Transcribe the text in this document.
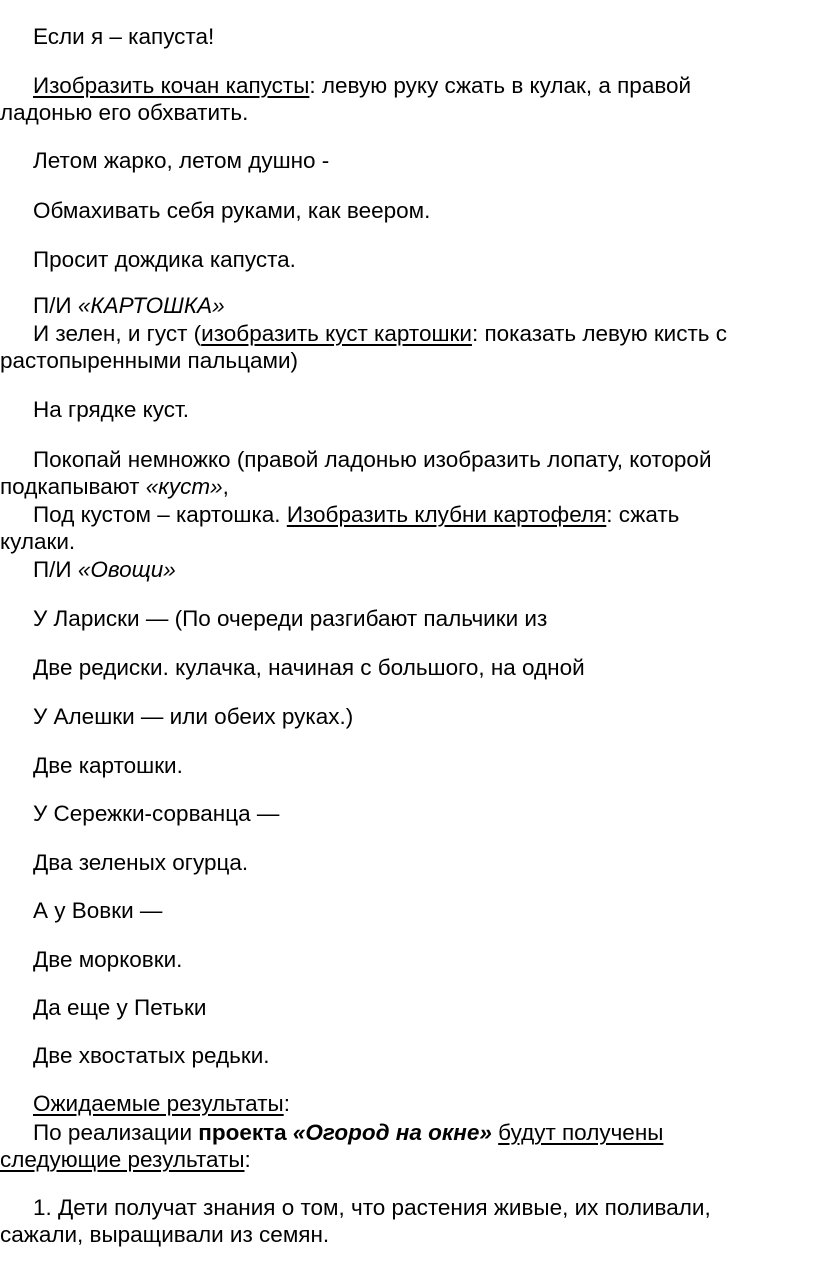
Если я – капуста!
Изобразить кочан капусты: левую руку сжать в кулак, а правой
ладонью его обхватить.
Летом жарко, летом душно -
Обмахивать себя руками, как веером.
Просит дождика капуста.
П/И «КАРТОШКА»
И зелен, и густ (изобразить куст картошки: показать левую кисть с
растопыренными пальцами)
На грядке куст.
Покопай немножко (правой ладонью изобразить лопату, которой
подкапывают «куст»,
Под кустом – картошка. Изобразить клубни картофеля: сжать
кулаки.
П/И «Овощи»
У Лариски — (По очереди разгибают пальчики из
Две редиски. кулачка, начиная с большого, на одной
У Алешки — или обеих руках.)
Две картошки.
У Сережки-сорванца —
Два зеленых огурца.
А у Вовки —
Две морковки.
Да еще у Петьки
Две хвостатых редьки.
Ожидаемые результаты:
По реализации проекта «Огород на окне» будут получены
следующие результаты:
1. Дети получат знания о том, что растения живые, их поливали,
сажали, выращивали из семян.
